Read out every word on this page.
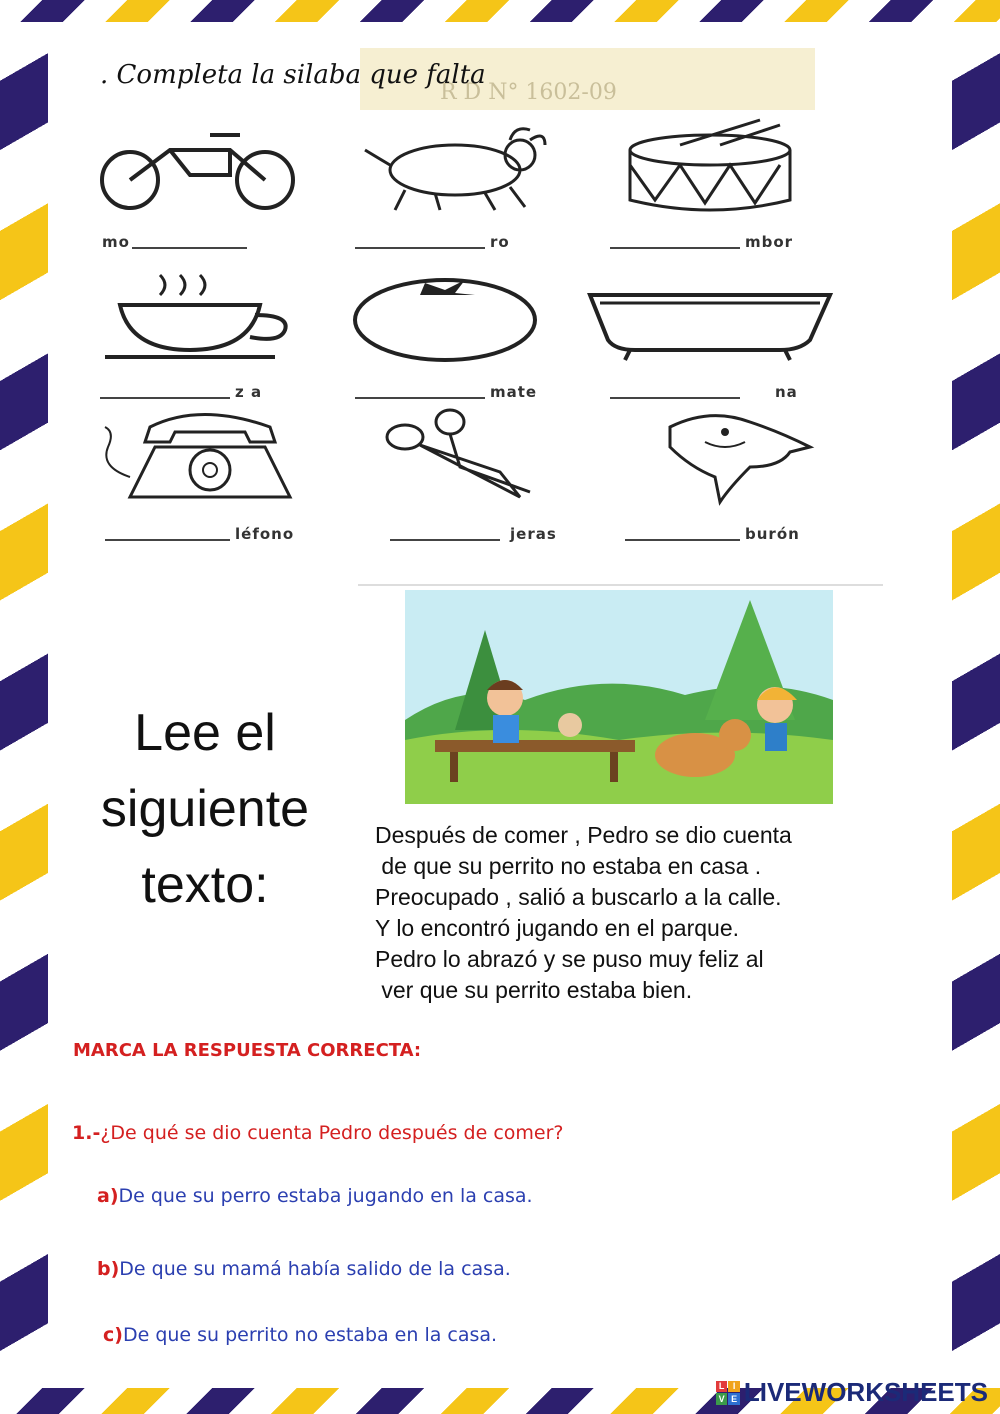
R D N° 1602-09
. Completa la silaba que falta
mo	ro	mbor
z a	mate	na
léfono	jeras	burón
Lee el
siguiente
texto:
Después de comer , Pedro se dio cuenta
de que su perrito no estaba en casa .
Preocupado , salió a buscarlo a la calle.
Y lo encontró jugando en el parque.
Pedro lo abrazó y se puso muy feliz al
ver que su perrito estaba bien.
MARCA LA RESPUESTA CORRECTA:
1.-¿De qué se dio cuenta Pedro después de comer?
a)De que su perro estaba jugando en la casa.
b)De que su mamá había salido de la casa.
c)De que su perrito no estaba en la casa.
L I
V E LIVEWORKSHEETS
